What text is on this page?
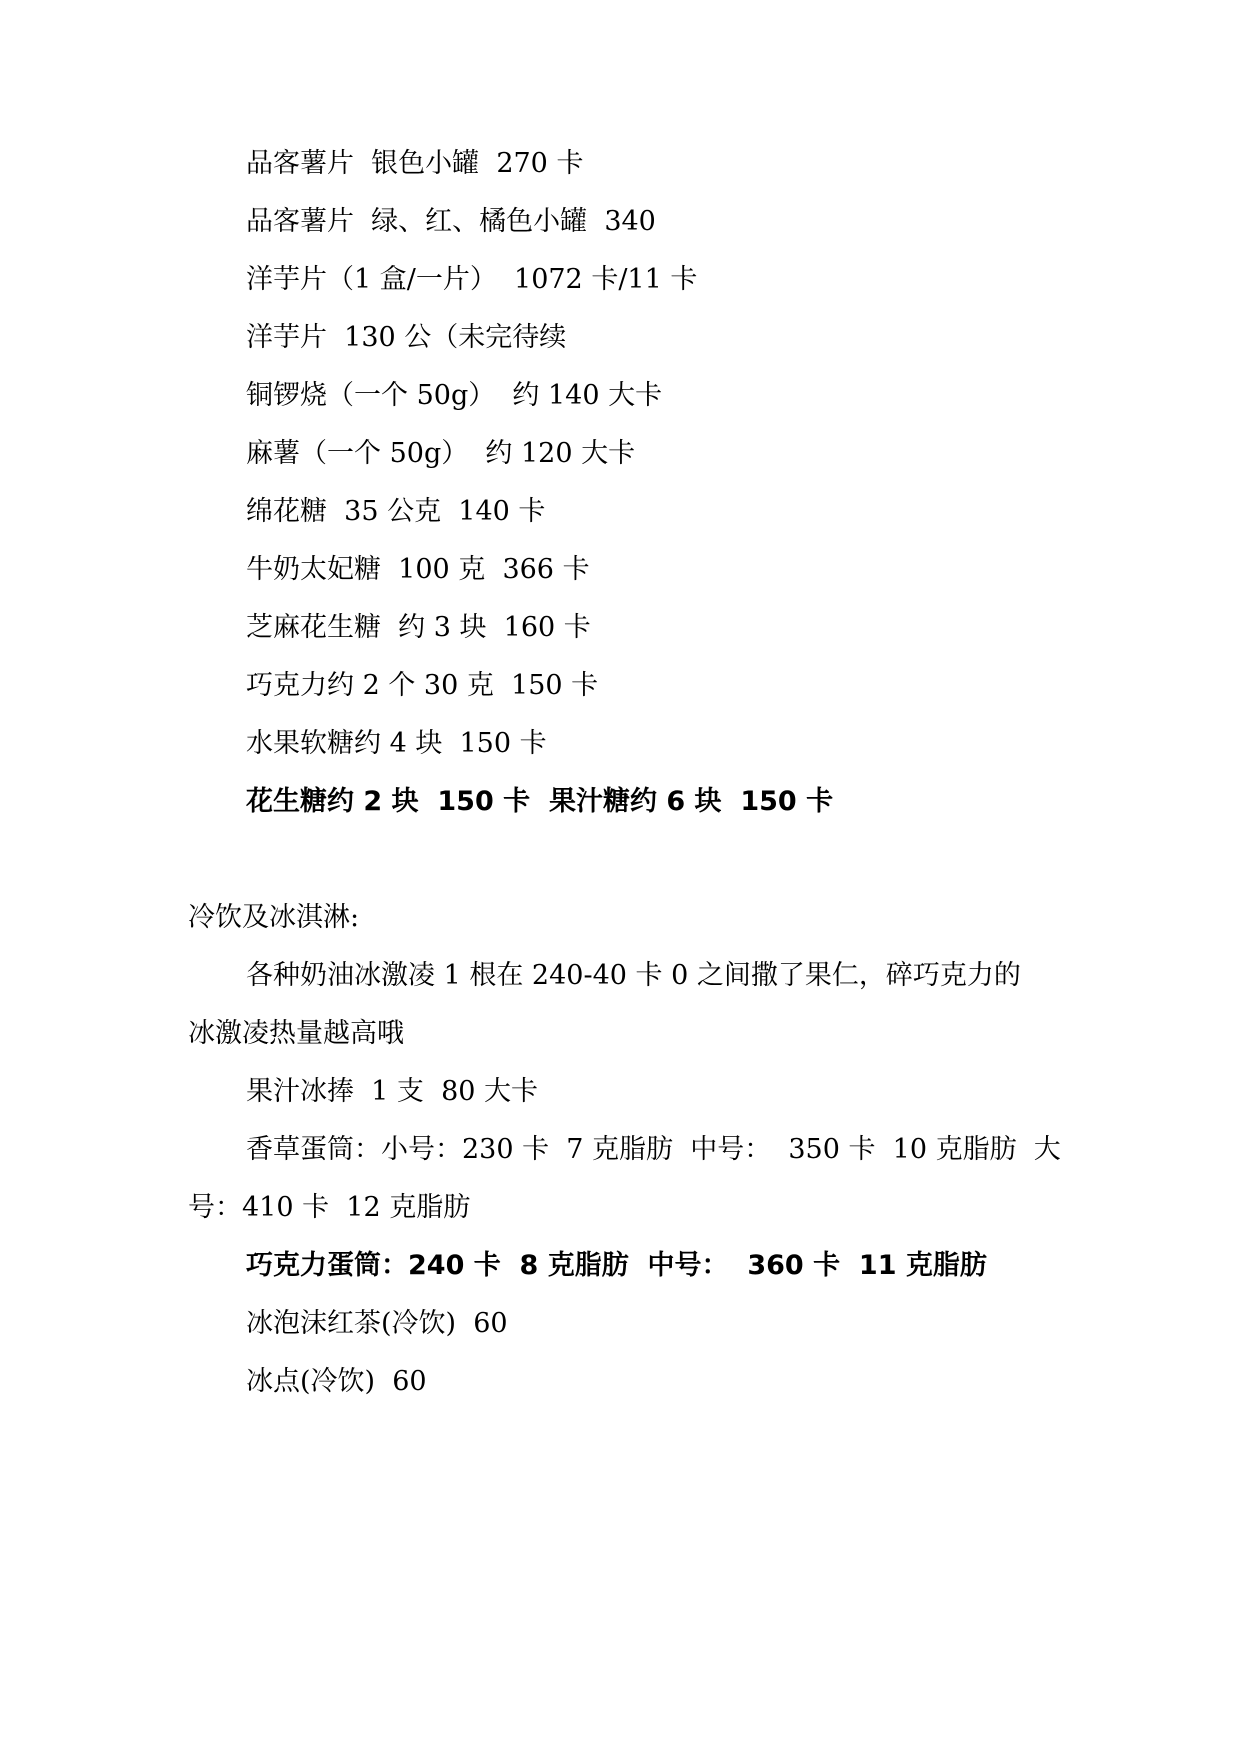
品客薯片  银色小罐  270 卡
品客薯片  绿、红、橘色小罐  340
洋芋片（1 盒/一片）  1072 卡/11 卡
洋芋片  130 公（未完待续
铜锣烧（一个 50g）  约 140 大卡
麻薯（一个 50g）  约 120 大卡
绵花糖  35 公克  140 卡
牛奶太妃糖  100 克  366 卡
芝麻花生糖  约 3 块  160 卡
巧克力约 2 个 30 克  150 卡
水果软糖约 4 块  150 卡
花生糖约 2 块  150 卡  果汁糖约 6 块  150 卡
冷饮及冰淇淋:
各种奶油冰激凌 1 根在 240-40 卡 0 之间撒了果仁，碎巧克力的
冰激凌热量越高哦
果汁冰捧  1 支  80 大卡
香草蛋筒：小号：230 卡  7 克脂肪  中号：  350 卡  10 克脂肪  大
号：410 卡  12 克脂肪
巧克力蛋筒：240 卡  8 克脂肪  中号：  360 卡  11 克脂肪
冰泡沫红茶(冷饮)  60
冰点(冷饮)  60
